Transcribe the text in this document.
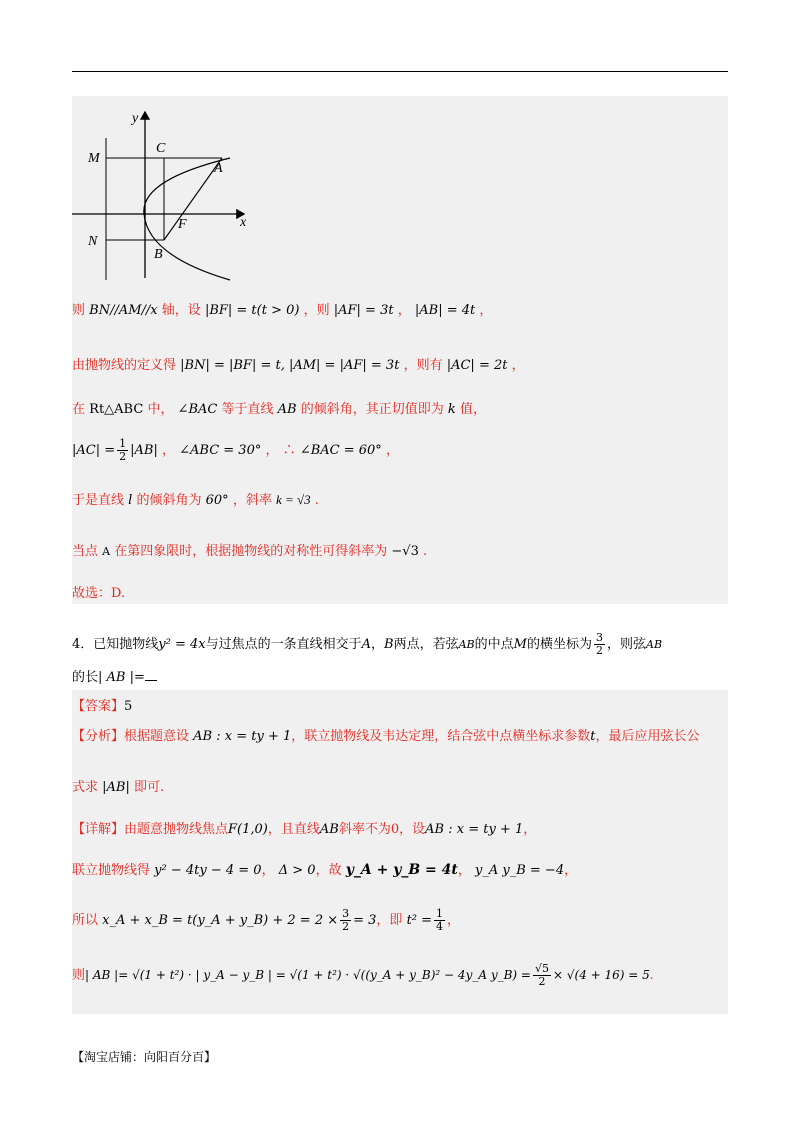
y
x
M
C
A
F
N
B
则 BN//AM//x 轴，设 |BF| = t(t > 0) ，则 |AF| = 3t ， |AB| = 4t ，
由抛物线的定义得 |BN| = |BF| = t, |AM| = |AF| = 3t ，则有 |AC| = 2t ，
在 Rt△ABC 中， ∠BAC 等于直线 AB 的倾斜角，其正切值即为 k 值，
$|AC| = \frac{1}{2} |AB|$ ， ∠ABC = 30° ， ∴ ∠BAC = 60° ，
于是直线 l 的倾斜角为 60° ，斜率 k = √3 .
当点 A 在第四象限时，根据抛物线的对称性可得斜率为 −√3 .
故选：D.
4．已知抛物线y² = 4x与过焦点的一条直线相交于A，B两点，若弦AB的中点M的横坐标为 $\frac{3}{2}$ ，则弦AB
的长| AB |=
【答案】5
【分析】根据题意设 AB : x = ty + 1，联立抛物线及韦达定理，结合弦中点横坐标求参数t，最后应用弦长公
式求 |AB| 即可.
【详解】由题意抛物线焦点F(1,0)，且直线AB斜率不为0，设AB : x = ty + 1，
联立抛物线得 y² − 4ty − 4 = 0， Δ > 0，故 y_A + y_B = 4t， y_A y_B = −4，
所以 x_A + x_B = t(y_A + y_B) + $2 = 2 \times \frac{3}{2} = 3$，即 $t^2 = \frac{1}{4}$ ，
则| AB |= √(1 + t²) · | y_A − y_B | = √(1 + t²) · √((y_A + y_B)² − 4y_A y_B) = $\frac{√5}{2} \times √(4 + 16) = 5$.
【淘宝店铺：向阳百分百】
